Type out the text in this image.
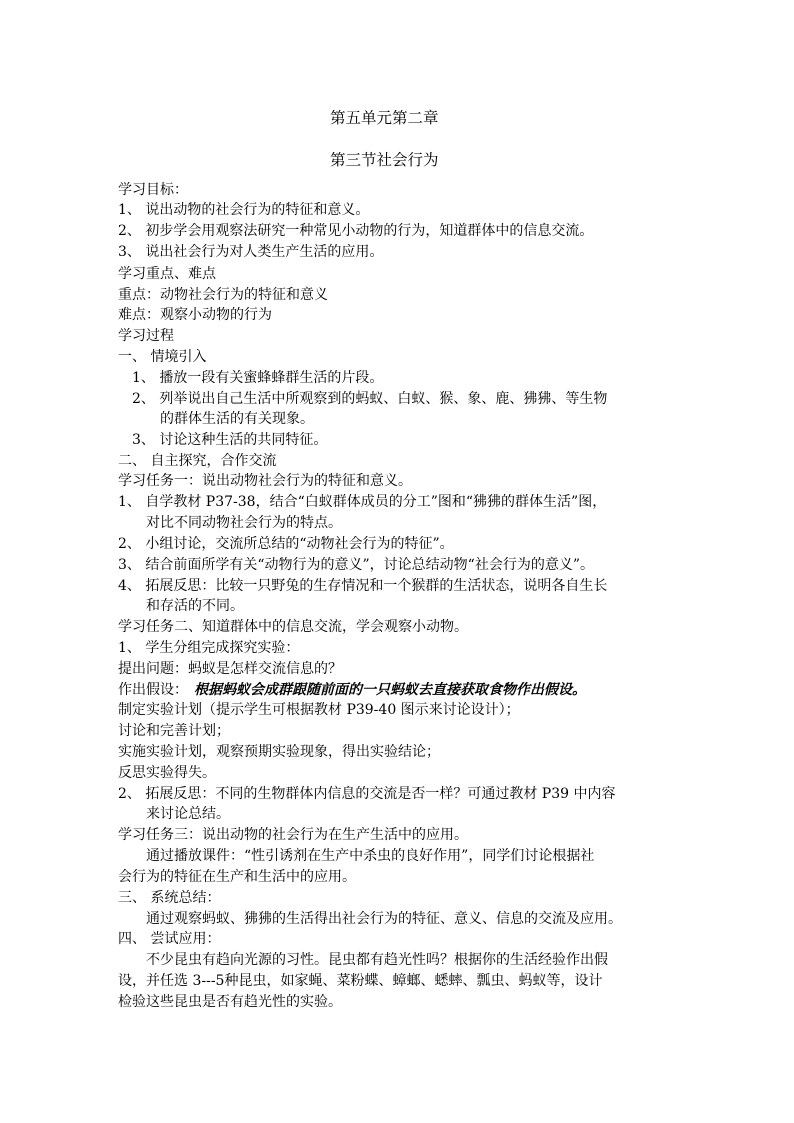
第五单元第二章
第三节社会行为
学习目标：
1、 说出动物的社会行为的特征和意义。
2、 初步学会用观察法研究一种常见小动物的行为，知道群体中的信息交流。
3、 说出社会行为对人类生产生活的应用。
学习重点、难点
重点：动物社会行为的特征和意义
难点：观察小动物的行为
学习过程
一、 情境引入
1、 播放一段有关蜜蜂蜂群生活的片段。
2、 列举说出自己生活中所观察到的蚂蚁、白蚁、猴、象、鹿、狒狒、等生物
的群体生活的有关现象。
3、 讨论这种生活的共同特征。
二、 自主探究，合作交流
学习任务一：说出动物社会行为的特征和意义。
1、 自学教材 P37-38，结合“白蚁群体成员的分工”图和“狒狒的群体生活”图，
对比不同动物社会行为的特点。
2、 小组讨论，交流所总结的“动物社会行为的特征”。
3、 结合前面所学有关“动物行为的意义”，讨论总结动物“社会行为的意义”。
4、 拓展反思：比较一只野兔的生存情况和一个猴群的生活状态，说明各自生长
和存活的不同。
学习任务二、知道群体中的信息交流，学会观察小动物。
1、 学生分组完成探究实验：
提出问题：蚂蚁是怎样交流信息的？
作出假设： 根据蚂蚁会成群跟随前面的一只蚂蚁去直接获取食物作出假设。
制定实验计划（提示学生可根据教材 P39-40 图示来讨论设计）；
讨论和完善计划；
实施实验计划，观察预期实验现象，得出实验结论；
反思实验得失。
2、 拓展反思：不同的生物群体内信息的交流是否一样？可通过教材 P39 中内容
来讨论总结。
学习任务三：说出动物的社会行为在生产生活中的应用。
通过播放课件：“性引诱剂在生产中杀虫的良好作用”，同学们讨论根据社
会行为的特征在生产和生活中的应用。
三、 系统总结：
通过观察蚂蚁、狒狒的生活得出社会行为的特征、意义、信息的交流及应用。
四、 尝试应用：
不少昆虫有趋向光源的习性。昆虫都有趋光性吗？根据你的生活经验作出假
设，并任选 3---5种昆虫，如家蝇、菜粉蝶、蟑螂、蟋蟀、瓢虫、蚂蚁等，设计
检验这些昆虫是否有趋光性的实验。
